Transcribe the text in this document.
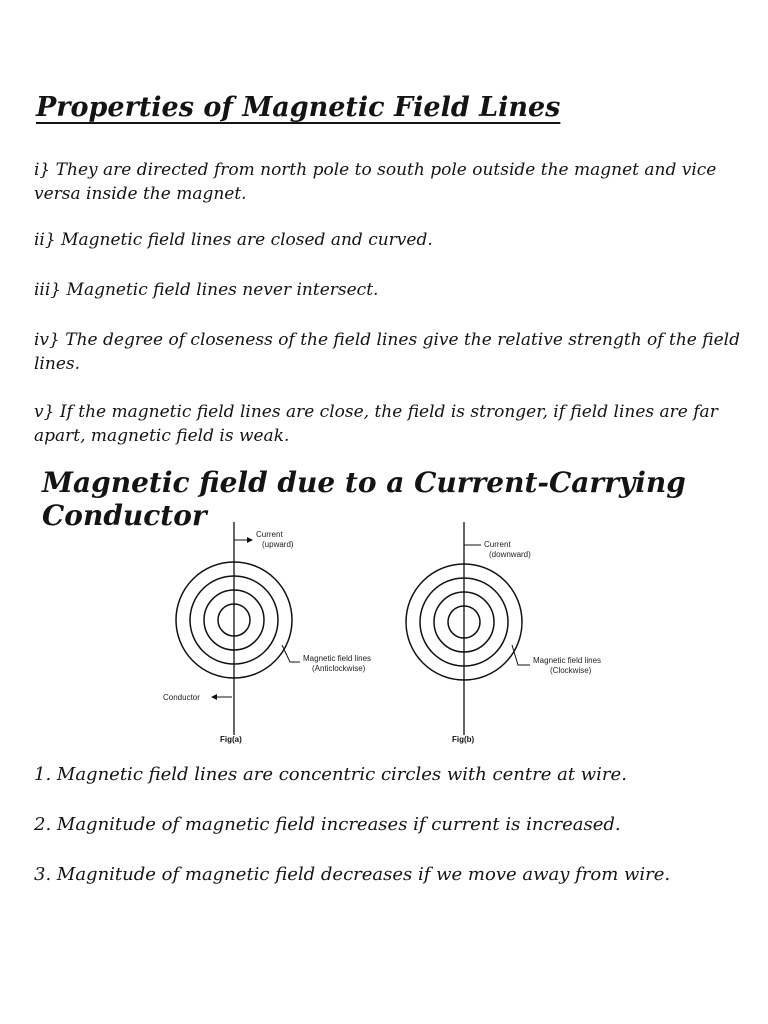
Properties of Magnetic Field Lines

i} They are directed from north pole to south pole outside the magnet and vice versa inside the magnet.

ii} Magnetic field lines are closed and curved.

iii} Magnetic field lines never intersect.

iv} The degree of closeness of the field lines give the relative strength of the field lines.

v} If the magnetic field lines are close, the field is stronger, if field lines are far apart, magnetic field is weak.

Magnetic field due to a Current-Carrying Conductor
Current
(upward)
Magnetic field lines
(Anticlockwise)
Conductor
Fig(a)
Current
(downward)
Magnetic field lines
(Clockwise)
Fig(b)

1. Magnetic field lines are concentric circles with centre at wire.

2. Magnitude of magnetic field increases if current is increased.

3. Magnitude of magnetic field decreases if we move away from wire.
